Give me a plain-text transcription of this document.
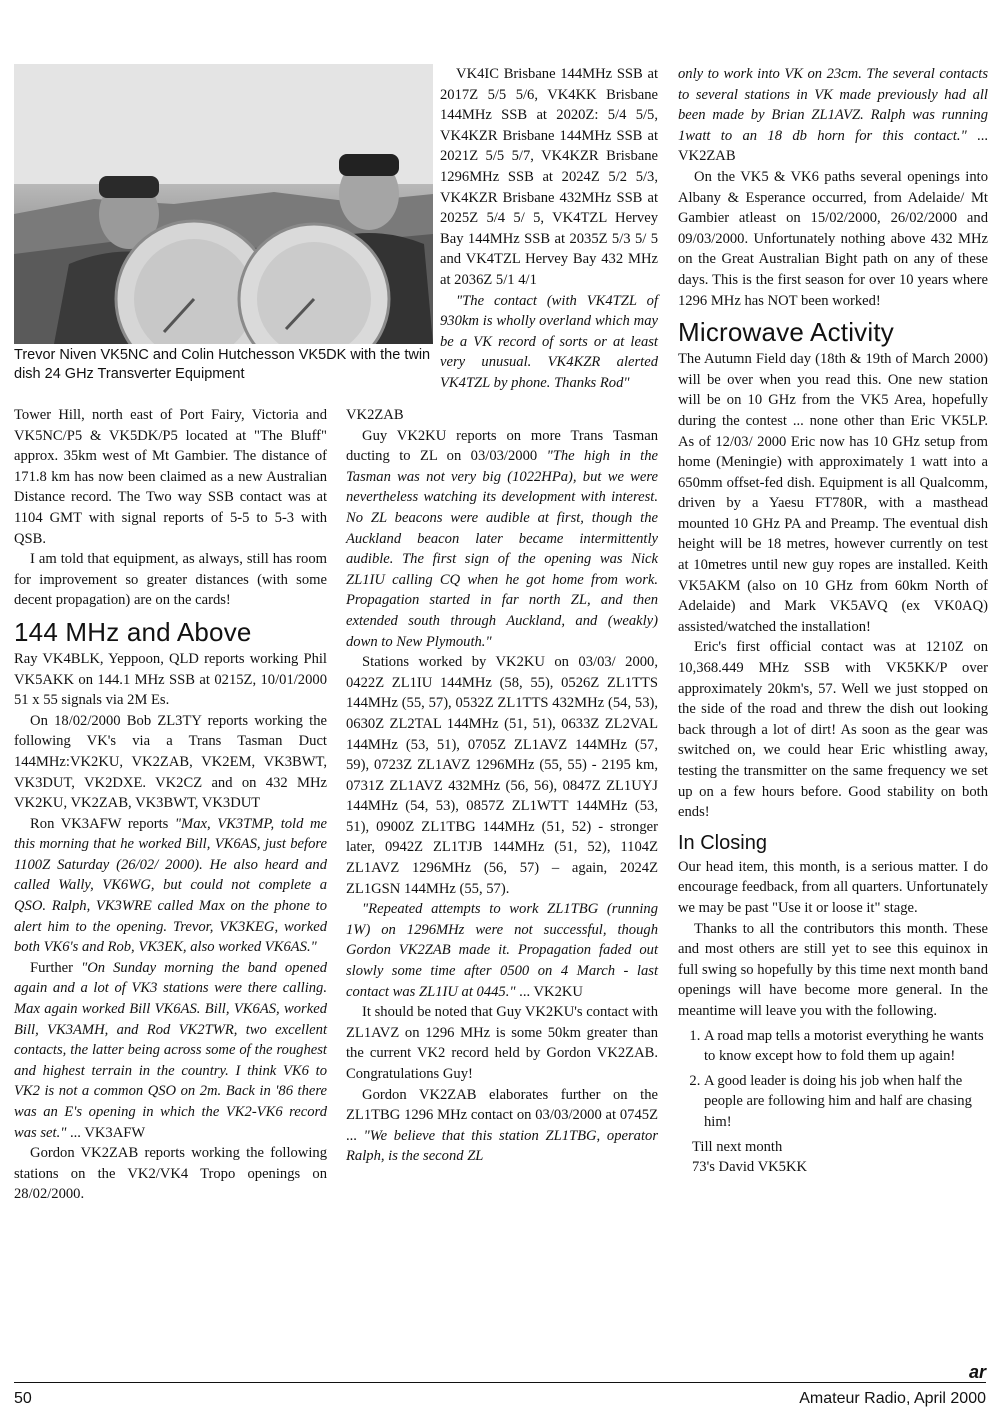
Trevor Niven VK5NC and Colin Hutchesson VK5DK with the twin dish 24 GHz Transverter Equipment

Tower Hill, north east of Port Fairy, Victoria and VK5NC/P5 & VK5DK/P5 located at "The Bluff" approx. 35km west of Mt Gambier. The distance of 171.8 km has now been claimed as a new Australian Distance record. The Two way SSB contact was at 1104 GMT with signal reports of 5-5 to 5-3 with QSB.

I am told that equipment, as always, still has room for improvement so greater distances (with some decent propagation) are on the cards!

144 MHz and Above

Ray VK4BLK, Yeppoon, QLD reports working Phil VK5AKK on 144.1 MHz SSB at 0215Z, 10/01/2000 51 x 55 signals via 2M Es.

On 18/02/2000 Bob ZL3TY reports working the following VK's via a Trans Tasman Duct 144MHz:VK2KU, VK2ZAB, VK2EM, VK3BWT, VK3DUT, VK2DXE. VK2CZ and on 432 MHz VK2KU, VK2ZAB, VK3BWT, VK3DUT

Ron VK3AFW reports "Max, VK3TMP, told me this morning that he worked Bill, VK6AS, just before 1100Z Saturday (26/02/ 2000). He also heard and called Wally, VK6WG, but could not complete a QSO. Ralph, VK3WRE called Max on the phone to alert him to the opening. Trevor, VK3KEG, worked both VK6's and Rob, VK3EK, also worked VK6AS."

Further "On Sunday morning the band opened again and a lot of VK3 stations were there calling. Max again worked Bill VK6AS. Bill, VK6AS, worked Bill, VK3AMH, and Rod VK2TWR, two excellent contacts, the latter being across some of the roughest and highest terrain in the country. I think VK6 to VK2 is not a common QSO on 2m. Back in '86 there was an E's opening in which the VK2-VK6 record was set." ... VK3AFW

Gordon VK2ZAB reports working the following stations on the VK2/VK4 Tropo openings on 28/02/2000.

VK4IC Brisbane 144MHz SSB at 2017Z 5/5 5/6, VK4KK Brisbane 144MHz SSB at 2020Z: 5/4 5/5, VK4KZR Brisbane 144MHz SSB at 2021Z 5/5 5/7, VK4KZR Brisbane 1296MHz SSB at 2024Z 5/2 5/3, VK4KZR Brisbane 432MHz SSB at 2025Z 5/4 5/ 5, VK4TZL Hervey Bay 144MHz SSB at 2035Z 5/3 5/ 5 and VK4TZL Hervey Bay 432 MHz at 2036Z 5/1 4/1

"The contact (with VK4TZL of 930km is wholly overland which may be a VK record of sorts or at least very unusual. VK4KZR alerted VK4TZL by phone. Thanks Rod"

VK2ZAB

Guy VK2KU reports on more Trans Tasman ducting to ZL on 03/03/2000 "The high in the Tasman was not very big (1022HPa), but we were nevertheless watching its development with interest. No ZL beacons were audible at first, though the Auckland beacon later became intermittently audible. The first sign of the opening was Nick ZL1IU calling CQ when he got home from work. Propagation started in far north ZL, and then extended south through Auckland, and (weakly) down to New Plymouth."

Stations worked by VK2KU on 03/03/ 2000, 0422Z ZL1IU 144MHz (58, 55), 0526Z ZL1TTS 144MHz (55, 57), 0532Z ZL1TTS 432MHz (54, 53), 0630Z ZL2TAL 144MHz (51, 51), 0633Z ZL2VAL 144MHz (53, 51), 0705Z ZL1AVZ 144MHz (57, 59), 0723Z ZL1AVZ 1296MHz (55, 55) - 2195 km, 0731Z ZL1AVZ 432MHz (56, 56), 0847Z ZL1UYJ 144MHz (54, 53), 0857Z ZL1WTT 144MHz (53, 51), 0900Z ZL1TBG 144MHz (51, 52) - stronger later, 0942Z ZL1TJB 144MHz (51, 52), 1104Z ZL1AVZ 1296MHz (56, 57) – again, 2024Z ZL1GSN 144MHz (55, 57).

"Repeated attempts to work ZL1TBG (running 1W) on 1296MHz were not successful, though Gordon VK2ZAB made it. Propagation faded out slowly some time after 0500 on 4 March - last contact was ZL1IU at 0445." ... VK2KU

It should be noted that Guy VK2KU's contact with ZL1AVZ on 1296 MHz is some 50km greater than the current VK2 record held by Gordon VK2ZAB. Congratulations Guy!

Gordon VK2ZAB elaborates further on the ZL1TBG 1296 MHz contact on 03/03/2000 at 0745Z ... "We believe that this station ZL1TBG, operator Ralph, is the second ZL

only to work into VK on 23cm. The several contacts to several stations in VK made previously had all been made by Brian ZL1AVZ. Ralph was running 1watt to an 18 db horn for this contact." ... VK2ZAB

On the VK5 & VK6 paths several openings into Albany & Esperance occurred, from Adelaide/ Mt Gambier atleast on 15/02/2000, 26/02/2000 and 09/03/2000. Unfortunately nothing above 432 MHz on the Great Australian Bight path on any of these days. This is the first season for over 10 years where 1296 MHz has NOT been worked!

Microwave Activity

The Autumn Field day (18th & 19th of March 2000) will be over when you read this. One new station will be on 10 GHz from the VK5 Area, hopefully during the contest ... none other than Eric VK5LP. As of 12/03/ 2000 Eric now has 10 GHz setup from home (Meningie) with approximately 1 watt into a 650mm offset-fed dish. Equipment is all Qualcomm, driven by a Yaesu FT780R, with a masthead mounted 10 GHz PA and Preamp. The eventual dish height will be 18 metres, however currently on test at 10metres until new guy ropes are installed. Keith VK5AKM (also on 10 GHz from 60km North of Adelaide) and Mark VK5AVQ (ex VK0AQ) assisted/watched the installation!

Eric's first official contact was at 1210Z on 10,368.449 MHz SSB with VK5KK/P over approximately 20km's, 57. Well we just stopped on the side of the road and threw the dish out looking back through a lot of dirt! As soon as the gear was switched on, we could hear Eric whistling away, testing the transmitter on the same frequency we set up on a few hours before. Good stability on both ends!

In Closing

Our head item, this month, is a serious matter. I do encourage feedback, from all quarters. Unfortunately we may be past "Use it or loose it" stage.

Thanks to all the contributors this month. These and most others are still yet to see this equinox in full swing so hopefully by this time next month band openings will have become more general. In the meantime will leave you with the following.

1. A road map tells a motorist everything he wants to know except how to fold them up again!
2. A good leader is doing his job when half the people are following him and half are chasing him!

Till next month

73's David VK5KK

ar
50	Amateur Radio, April 2000
